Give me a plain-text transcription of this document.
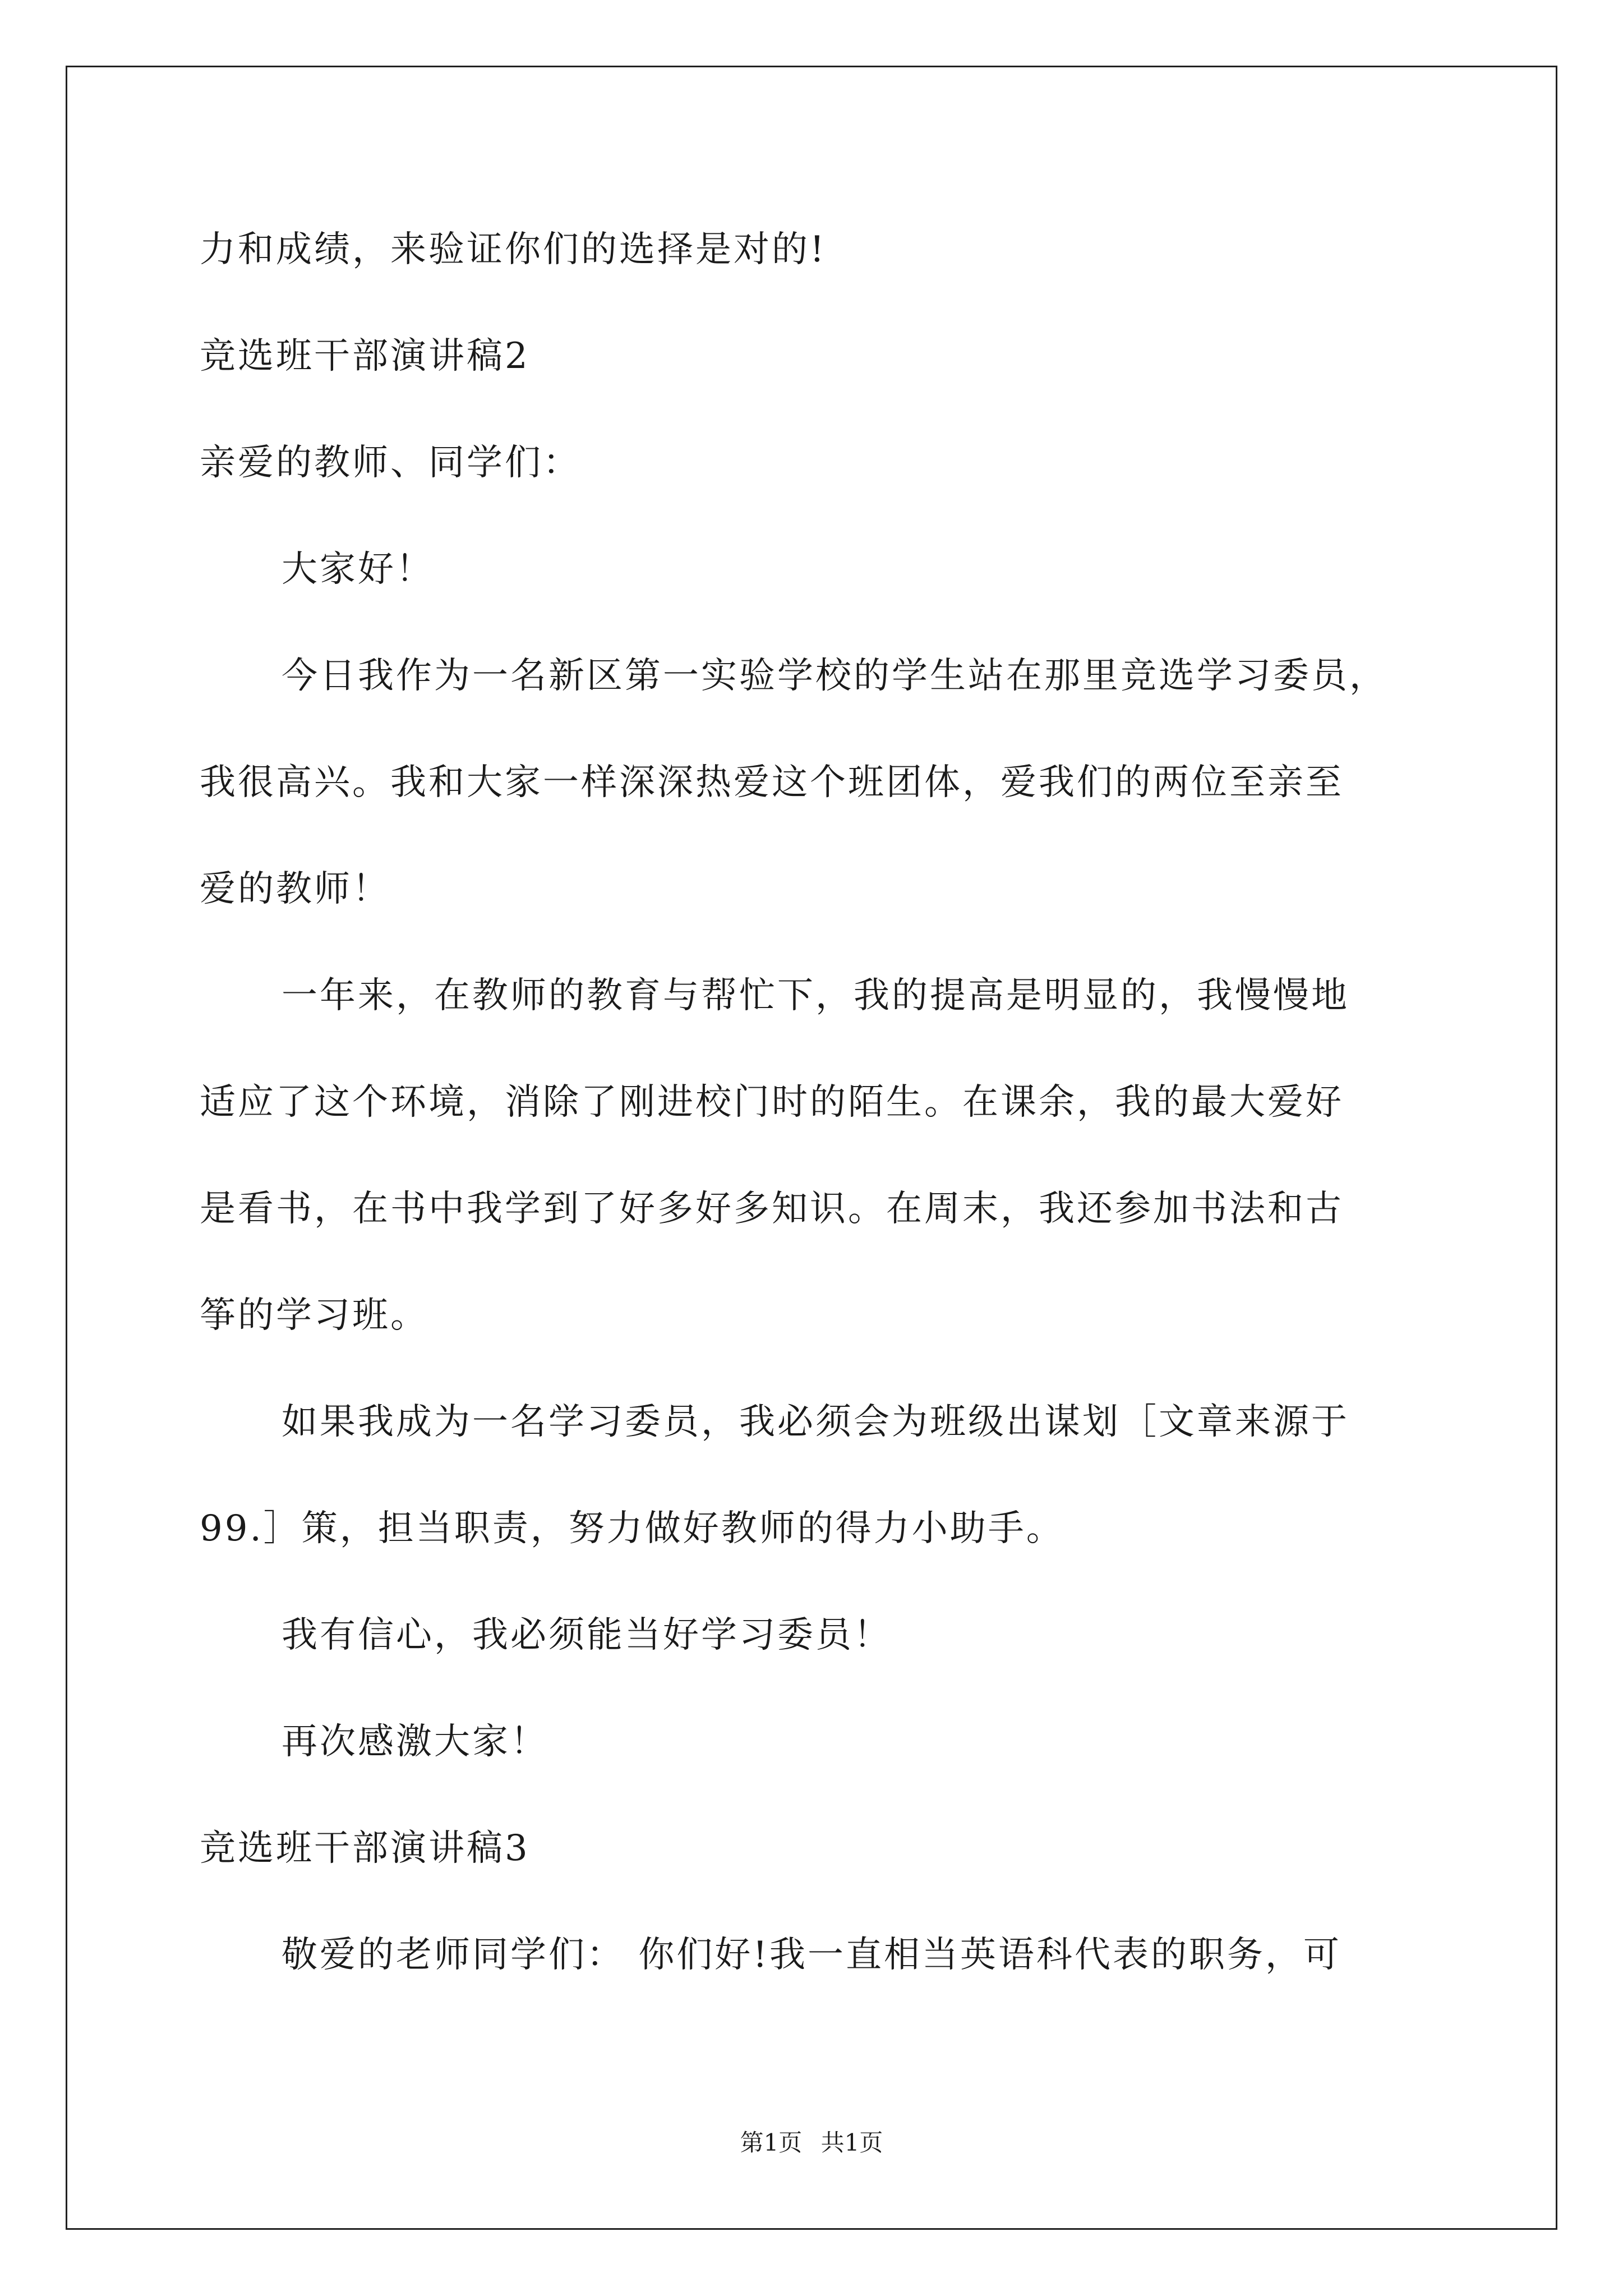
力和成绩，来验证你们的选择是对的!
竞选班干部演讲稿2
亲爱的教师、同学们：
大家好！
今日我作为一名新区第一实验学校的学生站在那里竞选学习委员，
我很高兴。我和大家一样深深热爱这个班团体，爱我们的两位至亲至
爱的教师！
一年来，在教师的教育与帮忙下，我的提高是明显的，我慢慢地
适应了这个环境，消除了刚进校门时的陌生。在课余，我的最大爱好
是看书，在书中我学到了好多好多知识。在周末，我还参加书法和古
筝的学习班。
如果我成为一名学习委员，我必须会为班级出谋划［文章来源于
99.］策，担当职责，努力做好教师的得力小助手。
我有信心，我必须能当好学习委员！
再次感激大家！
竞选班干部演讲稿3
敬爱的老师同学们： 你们好!我一直相当英语科代表的职务，可
第1页 共1页
